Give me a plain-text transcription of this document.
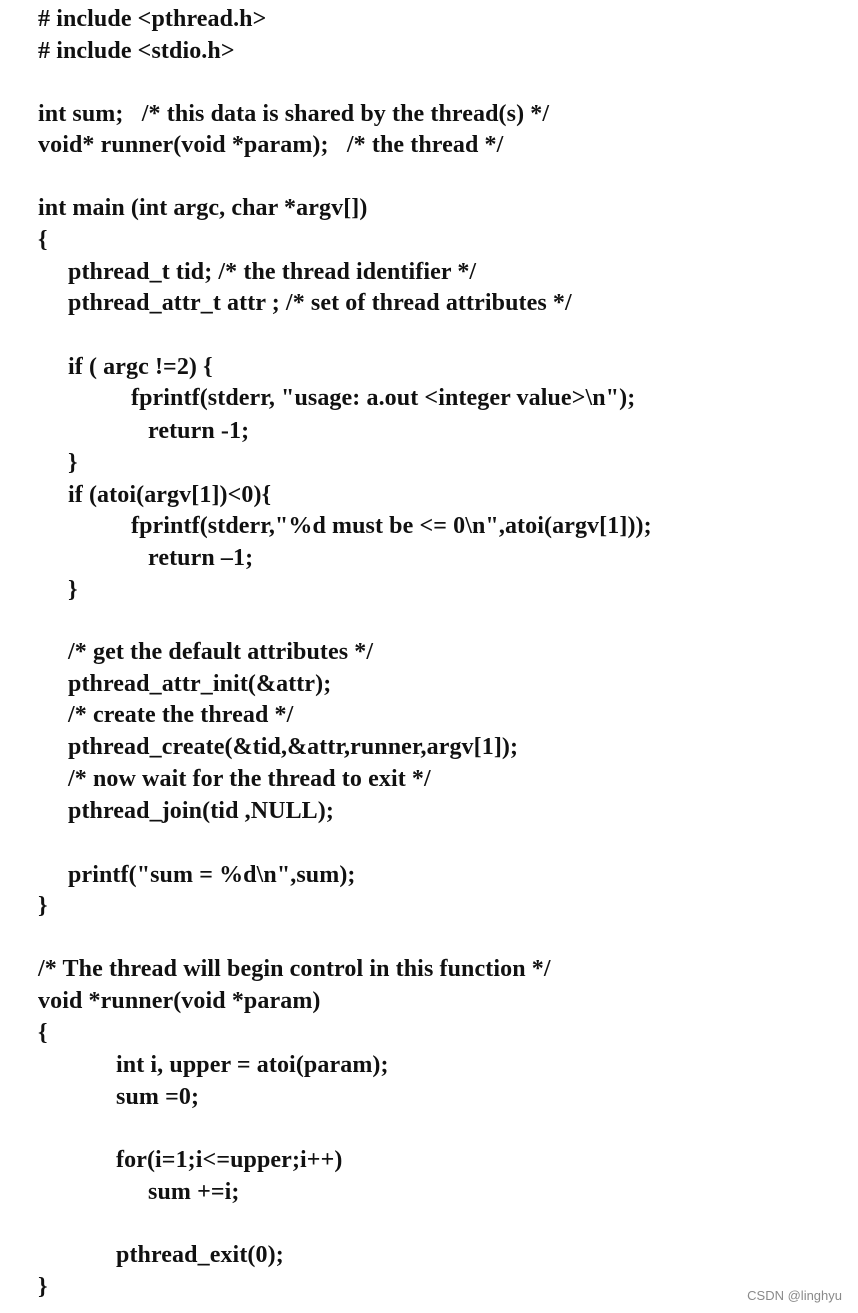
# include <pthread.h>
# include <stdio.h>
int sum;   /* this data is shared by the thread(s) */
void* runner(void *param);   /* the thread */
int main (int argc, char *argv[])
{
pthread_t tid; /* the thread identifier */
pthread_attr_t attr ; /* set of thread attributes */
if ( argc !=2) {
fprintf(stderr, "usage: a.out <integer value>\n");
return -1;
}
if (atoi(argv[1])<0){
fprintf(stderr,"%d must be <= 0\n",atoi(argv[1]));
return –1;
}
/* get the default attributes */
pthread_attr_init(&attr);
/* create the thread */
pthread_create(&tid,&attr,runner,argv[1]);
/* now wait for the thread to exit */
pthread_join(tid ,NULL);
printf("sum = %d\n",sum);
}
/* The thread will begin control in this function */
void *runner(void *param)
{
int i, upper = atoi(param);
sum =0;
for(i=1;i<=upper;i++)
sum +=i;
pthread_exit(0);
}	CSDN @linghyu
